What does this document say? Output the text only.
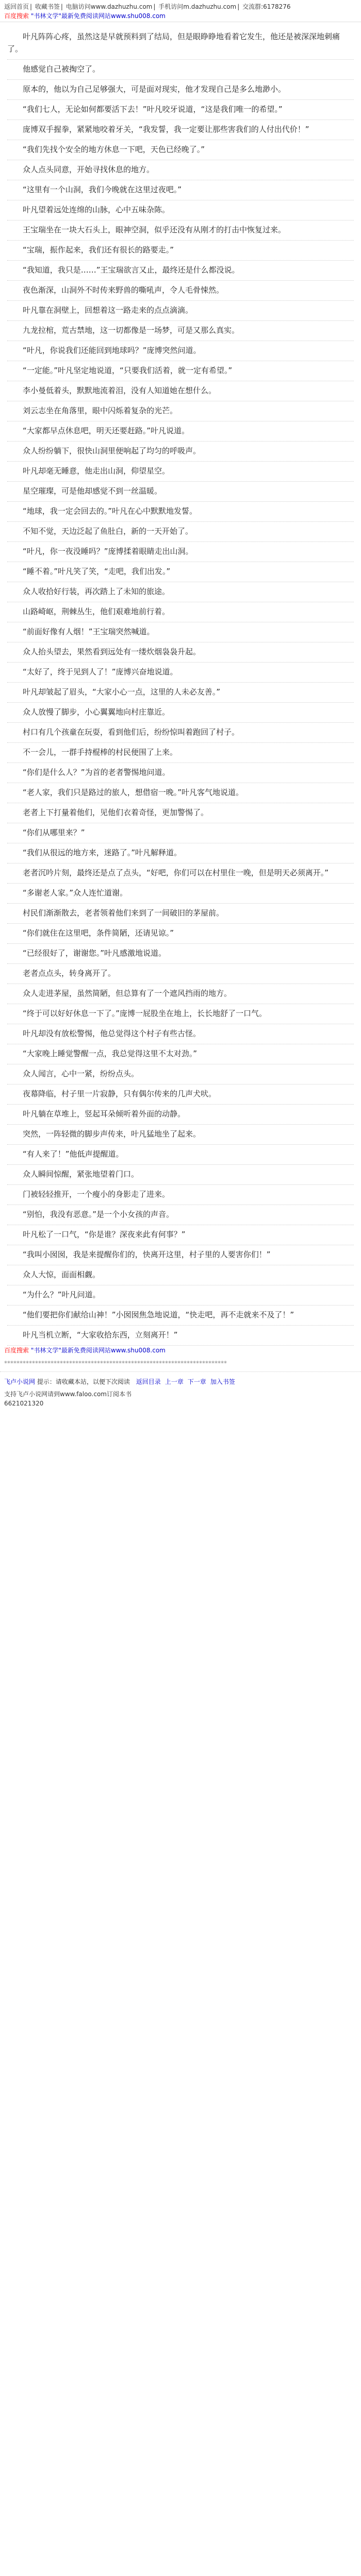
返回首页 | 收藏书签 | 电脑访问www.dazhuzhu.com | 手机访问m.dazhuzhu.com | 交流群:6178276
百度搜索 "书林文学"最新免费阅读网站www.shu008.com

叶凡阵阵心疼，虽然这是早就预料到了结局，但是眼睁睁地看着它发生，他还是被深深地刺痛了。

他感觉自己被掏空了。

原本的，他以为自己足够强大，可是面对现实，他才发现自己是多么地渺小。

“我们七人，无论如何都要活下去！”叶凡咬牙说道，“这是我们唯一的希望。”

庞博双手握拳，紧紧地咬着牙关，“我发誓，我一定要让那些害我们的人付出代价！”

“我们先找个安全的地方休息一下吧，天色已经晚了。”

众人点头同意，开始寻找休息的地方。

“这里有一个山洞，我们今晚就在这里过夜吧。”

叶凡望着远处连绵的山脉，心中五味杂陈。

王宝瑞坐在一块大石头上，眼神空洞，似乎还没有从刚才的打击中恢复过来。

“宝瑞，振作起来，我们还有很长的路要走。”

“我知道，我只是……”王宝瑞欲言又止，最终还是什么都没说。

夜色渐深，山洞外不时传来野兽的嘶吼声，令人毛骨悚然。

叶凡靠在洞壁上，回想着这一路走来的点点滴滴。

九龙拉棺，荒古禁地，这一切都像是一场梦，可是又那么真实。

“叶凡，你说我们还能回到地球吗？”庞博突然问道。

“一定能。”叶凡坚定地说道，“只要我们活着，就一定有希望。”

李小曼低着头，默默地流着泪，没有人知道她在想什么。

刘云志坐在角落里，眼中闪烁着复杂的光芒。

“大家都早点休息吧，明天还要赶路。”叶凡说道。

众人纷纷躺下，很快山洞里便响起了均匀的呼吸声。

叶凡却毫无睡意，他走出山洞，仰望星空。

星空璀璨，可是他却感觉不到一丝温暖。

“地球，我一定会回去的。”叶凡在心中默默地发誓。

不知不觉，天边泛起了鱼肚白，新的一天开始了。

“叶凡，你一夜没睡吗？”庞博揉着眼睛走出山洞。

“睡不着。”叶凡笑了笑，“走吧，我们出发。”

众人收拾好行装，再次踏上了未知的旅途。

山路崎岖，荆棘丛生，他们艰难地前行着。

“前面好像有人烟！”王宝瑞突然喊道。

众人抬头望去，果然看到远处有一缕炊烟袅袅升起。

“太好了，终于见到人了！”庞博兴奋地说道。

叶凡却皱起了眉头，“大家小心一点，这里的人未必友善。”

众人放慢了脚步，小心翼翼地向村庄靠近。

村口有几个孩童在玩耍，看到他们后，纷纷惊叫着跑回了村子。

不一会儿，一群手持棍棒的村民便围了上来。

“你们是什么人？”为首的老者警惕地问道。

“老人家，我们只是路过的旅人，想借宿一晚。”叶凡客气地说道。

老者上下打量着他们，见他们衣着奇怪，更加警惕了。

“你们从哪里来？”

“我们从很远的地方来，迷路了。”叶凡解释道。

老者沉吟片刻，最终还是点了点头，“好吧，你们可以在村里住一晚，但是明天必须离开。”

“多谢老人家。”众人连忙道谢。

村民们渐渐散去，老者领着他们来到了一间破旧的茅屋前。

“你们就住在这里吧，条件简陋，还请见谅。”

“已经很好了，谢谢您。”叶凡感激地说道。

老者点点头，转身离开了。

众人走进茅屋，虽然简陋，但总算有了一个遮风挡雨的地方。

“终于可以好好休息一下了。”庞博一屁股坐在地上，长长地舒了一口气。

叶凡却没有放松警惕，他总觉得这个村子有些古怪。

“大家晚上睡觉警醒一点，我总觉得这里不太对劲。”

众人闻言，心中一紧，纷纷点头。

夜幕降临，村子里一片寂静，只有偶尔传来的几声犬吠。

叶凡躺在草堆上，竖起耳朵倾听着外面的动静。

突然，一阵轻微的脚步声传来，叶凡猛地坐了起来。

“有人来了！”他低声提醒道。

众人瞬间惊醒，紧张地望着门口。

门被轻轻推开，一个瘦小的身影走了进来。

“别怕，我没有恶意。”是一个小女孩的声音。

叶凡松了一口气，“你是谁？深夜来此有何事？”

“我叫小囡囡，我是来提醒你们的，快离开这里，村子里的人要害你们！”

众人大惊，面面相觑。

“为什么？”叶凡问道。

“他们要把你们献给山神！”小囡囡焦急地说道，“快走吧，再不走就来不及了！”

叶凡当机立断，“大家收拾东西，立刻离开！”

百度搜索 "书林文学"最新免费阅读网站www.shu008.com
************************************************************************
飞卢小说网 提示：请收藏本站，以便下次阅读 返回目录 上一章 下一章 加入书签
支持飞卢小说网请到www.faloo.com订阅本书
6621021320
